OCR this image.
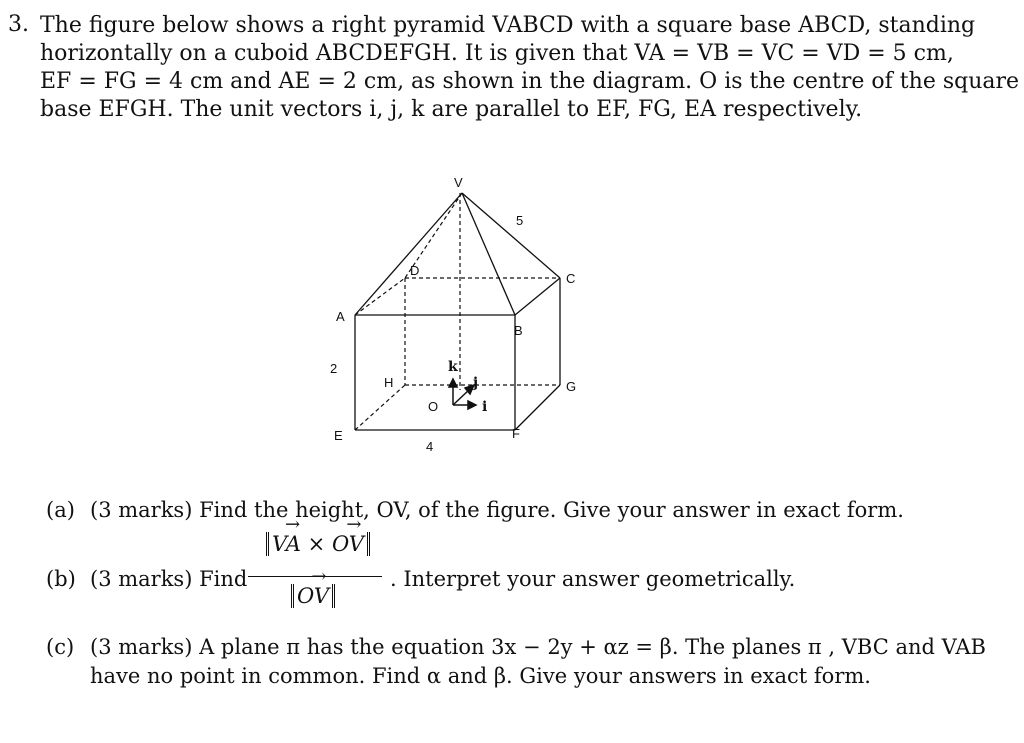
3. The figure below shows a right pyramid VABCD with a square base ABCD, standing
horizontally on a cuboid ABCDEFGH. It is given that VA = VB = VC = VD = 5 cm,
EF = FG = 4 cm and AE = 2 cm, as shown in the diagram. O is the centre of the square
base EFGH. The unit vectors i, j, k are parallel to EF, FG, EA respectively.
V
D
C
A
B
H	G
E	F
O
5
2
4
k
j
i
(a) (3 marks) Find the height, OV, of the figure. Give your answer in exact form.
(b) (3 marks) Find
→ VA × → OV
→ OV
. Interpret your answer geometrically.
(c) (3 marks) A plane π has the equation 3x − 2y + αz = β. The planes π , VBC and VAB
have no point in common. Find α and β. Give your answers in exact form.
